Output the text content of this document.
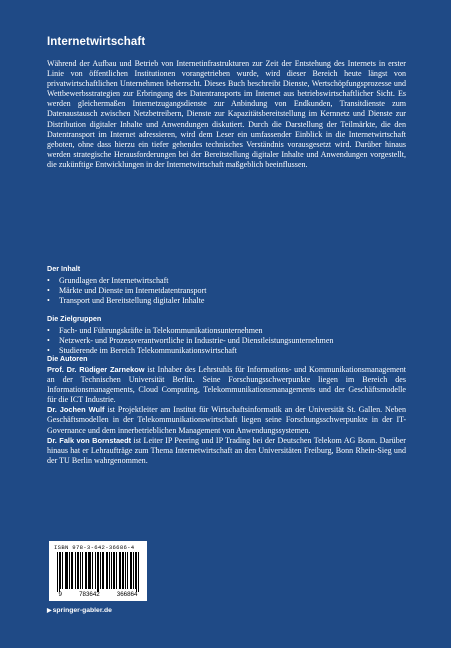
Internetwirtschaft

Während der Aufbau und Betrieb von Internetinfrastrukturen zur Zeit der Entstehung des Internets in erster Linie von öffentlichen Institutionen vorangetrieben wurde, wird dieser Bereich heute längst von privatwirtschaftlichen Unternehmen beherrscht. Dieses Buch beschreibt Dienste, Wertschöpfungsprozesse und Wettbewerbsstrategien zur Erbringung des Datentransports im Internet aus betriebswirtschaftlicher Sicht. Es werden gleichermaßen Internetzugangsdienste zur Anbindung von Endkunden, Transitdienste zum Datenaustausch zwischen Netzbetreibern, Dienste zur Kapazitätsbereitstellung im Kernnetz und Dienste zur Distribution digitaler Inhalte und Anwendungen diskutiert. Durch die Darstellung der Teilmärkte, die den Datentransport im Internet adressieren, wird dem Leser ein umfassender Einblick in die Internetwirtschaft geboten, ohne dass hierzu ein tiefer gehendes technisches Verständnis vorausgesetzt wird. Darüber hinaus werden strategische Herausforderungen bei der Bereitstellung digitaler Inhalte und Anwendungen vorgestellt, die zukünftige Entwicklungen in der Internetwirtschaft maßgeblich beeinflussen.

Der Inhalt
• Grundlagen der Internetwirtschaft
• Märkte und Dienste im Internetdatentransport
• Transport und Bereitstellung digitaler Inhalte
Die Zielgruppen
• Fach- und Führungskräfte in Telekommunikationsunternehmen
• Netzwerk- und Prozessverantwortliche in Industrie- und Dienstleistungsunternehmen
• Studierende im Bereich Telekommunikationswirtschaft
Die Autoren

Prof. Dr. Rüdiger Zarnekow ist Inhaber des Lehrstuhls für Informations- und Kommunikationsmanagement an der Technischen Universität Berlin. Seine Forschungsschwerpunkte liegen im Bereich des Informationsmanagements, Cloud Computing, Telekommunikationsmanagements und der Geschäftsmodelle für die ICT Industrie.

Dr. Jochen Wulf ist Projektleiter am Institut für Wirtschaftsinformatik an der Universität St. Gallen. Neben Geschäftsmodellen in der Telekommunikationswirtschaft liegen seine Forschungsschwerpunkte in der IT-Governance und dem innerbetrieblichen Management von Anwendungssystemen.

Dr. Falk von Bornstaedt ist Leiter IP Peering und IP Trading bei der Deutschen Telekom AG Bonn. Darüber hinaus hat er Lehraufträge zum Thema Internetwirtschaft an den Universitäten Freiburg, Bonn Rhein-Sieg und der TU Berlin wahrgenommen.

ISBN 978-3-642-36686-4
9	783642	366864
▶springer-gabler.de
